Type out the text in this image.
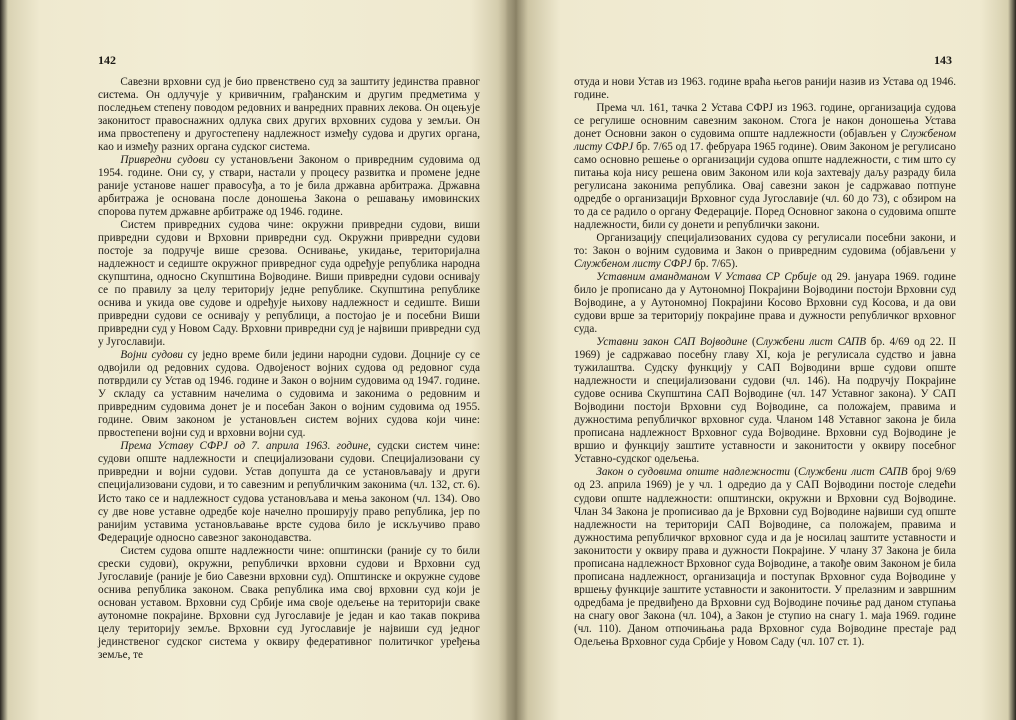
142

Савезни врховни суд је био првенствено суд за заштиту јединства правног система. Он одлучује у кривичним, грађанским и другим предметима у последњем степену поводом редовних и ванредних правних лекова. Он оцењује законитост правоснажних одлука свих других врховних судова у земљи. Он има првостепену и другостепену надлежност између судова и других органа, као и између разних органа судског система.

Привредни судови су установљени Законом о привредним судовима од 1954. године. Они су, у ствари, настали у процесу развитка и промене једне раније установе нашег правосуђа, а то је била државна арбитража. Државна арбитража је основана после доношења Закона о решавању имовинских спорова путем државне арбитраже од 1946. године.

Систем привредних судова чине: окружни привредни судови, виши привредни судови и Врховни привредни суд. Окружни привредни судови постоје за подручје више срезова. Оснивање, укидање, територијална надлежност и седиште окружног привредног суда одређује република народна скупштина, односно Скупштина Војводине. Виши привредни судови оснивају се по правилу за целу територију једне републике. Скупштина републике оснива и укида ове судове и одређује њихову надлежност и седиште. Виши привредни судови се оснивају у републици, а постојао је и посебни Виши привредни суд у Новом Саду. Врховни привредни суд је највиши привредни суд у Југославији.

Војни судови су једно време били једини народни судови. Доцније су се одвојили од редовних судова. Одвојеност војних судова од редовног суда потврдили су Устав од 1946. године и Закон о војним судовима од 1947. године. У складу са уставним начелима о судовима и законима о редовним и привредним судовима донет је и посебан Закон о војним судовима од 1955. године. Овим законом је установљен систем војних судова који чине: првостепени војни суд и врховни војни суд.

Према Уставу СФРЈ од 7. априла 1963. године, судски систем чине: судови опште надлежности и специјализовани судови. Специјализовани су привредни и војни судови. Устав допушта да се установљавају и други специјализовани судови, и то савезним и републичким законима (чл. 132, ст. 6). Исто тако се и надлежност судова установљава и мења законом (чл. 134). Ово су две нове уставне одредбе које начелно проширују право република, јер по ранијим уставима установљавање врсте судова било је искључиво право Федерације односно савезног законодавства.

Систем судова опште надлежности чине: општински (раније су то били срески судови), окружни, републички врховни судови и Врховни суд Југославије (раније је био Савезни врховни суд). Општинске и окружне судове оснива република законом. Свака република има свој врховни суд који је основан уставом. Врховни суд Србије има своје одељење на територији сваке аутономне покрајине. Врховни суд Југославије је један и као такав покрива целу територију земље. Врховни суд Југославије је највиши суд једног јединственог судског система у оквиру федеративног политичког уређења земље, те

143

отуда и нови Устав из 1963. године враћа његов ранији назив из Устава од 1946. године.

Према чл. 161, тачка 2 Устава СФРЈ из 1963. године, организација судова се регулише основним савезним законом. Стога је након доношења Устава донет Основни закон о судовима опште надлежности (објављен у Службеном листу СФРЈ бр. 7/65 од 17. фебруара 1965 године). Овим Законом је регулисано само основно решење о организацији судова опште надлежности, с тим што су питања која нису решена овим Законом или која захтевају даљу разраду била регулисана законима република. Овај савезни закон је садржавао потпуне одредбе о организацији Врховног суда Југославије (чл. 60 до 73), с обзиром на то да се радило о органу Федерације. Поред Основног закона о судовима опште надлежности, били су донети и републички закони.

Организацију специјализованих судова су регулисали посебни закони, и то: Закон о војним судовима и Закон о привредним судовима (објављени у Службеном листу СФРЈ бр. 7/65).

Уставним амандманом V Устава СР Србије од 29. јануара 1969. године било је прописано да у Аутономној Покрајини Војводини постоји Врховни суд Војводине, а у Аутономној Покрајини Косово Врховни суд Косова, и да ови судови врше за територију покрајине права и дужности републичког врховног суда.

Уставни закон САП Војводине (Службени лист САПВ бр. 4/69 од 22. II 1969) је садржавао посебну главу XI, која је регулисала судство и јавна тужилаштва. Судску функцију у САП Војводини врше судови опште надлежности и специјализовани судови (чл. 146). На подручју Покрајине судове оснива Скупштина САП Војводине (чл. 147 Уставног закона). У САП Војводини постоји Врховни суд Војводине, са положајем, правима и дужностима републичког врховног суда. Чланом 148 Уставног закона је била прописана надлежност Врховног суда Војводине. Врховни суд Војводине је вршио и функцију заштите уставности и законитости у оквиру посебног Уставно-судског одељења.

Закон о судовима опште надлежности (Службени лист САПВ број 9/69 од 23. априла 1969) је у чл. 1 одредио да у САП Војводини постоје следећи судови опште надлежности: општински, окружни и Врховни суд Војводине. Члан 34 Закона је прописивао да је Врховни суд Војводине највиши суд опште надлежности на територији САП Војводине, са положајем, правима и дужностима републичког врховног суда и да је носилац заштите уставности и законитости у оквиру права и дужности Покрајине. У члану 37 Закона је била прописана надлежност Врховног суда Војводине, а такође овим Законом је била прописана надлежност, организација и поступак Врховног суда Војводине у вршењу функције заштите уставности и законитости. У прелазним и завршним одредбама је предвиђено да Врховни суд Војводине почиње рад даном ступања на снагу овог Закона (чл. 104), а Закон је ступио на снагу 1. маја 1969. године (чл. 110). Даном отпочињања рада Врховног суда Војводине престаје рад Одељења Врховног суда Србије у Новом Саду (чл. 107 ст. 1).
